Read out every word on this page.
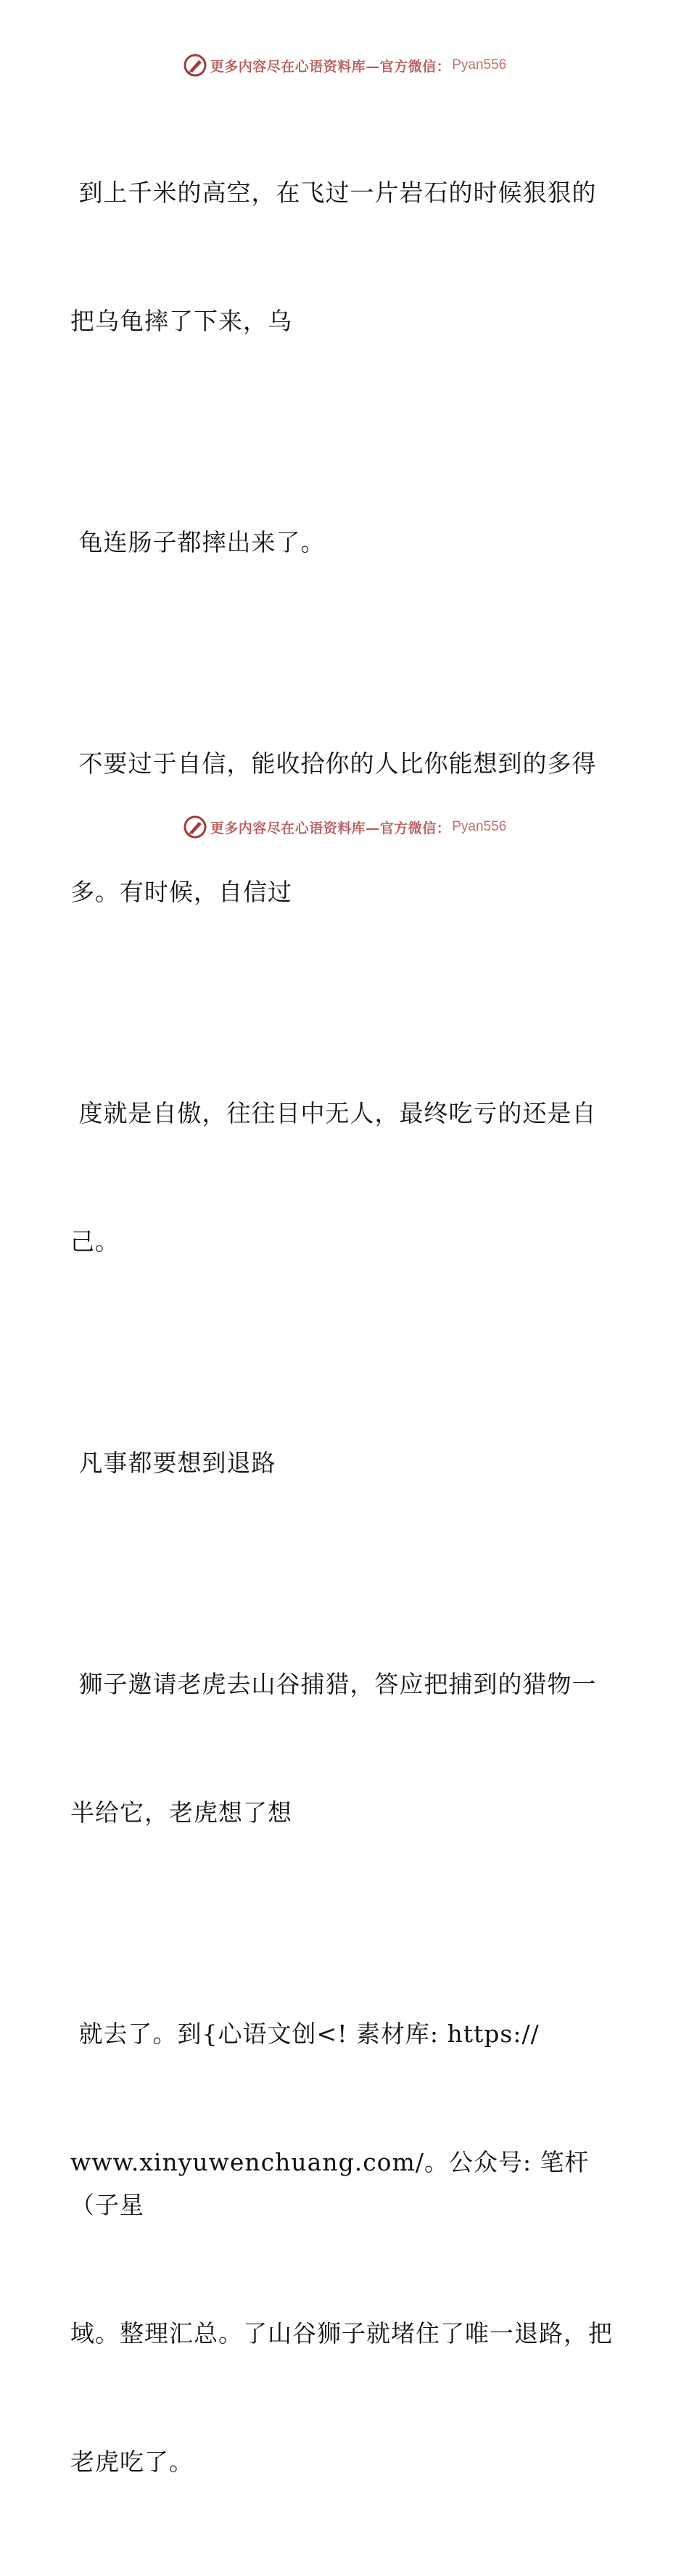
更多内容尽在心语资料库—官方微信： Pyan556

到上千米的高空，在飞过一片岩石的时候狠狠的

把乌龟摔了下来，乌

龟连肠子都摔出来了。

不要过于自信，能收拾你的人比你能想到的多得

多。有时候，自信过

度就是自傲，往往目中无人，最终吃亏的还是自

己。

凡事都要想到退路

狮子邀请老虎去山谷捕猎，答应把捕到的猎物一

半给它，老虎想了想

就去了。到{心语文创<! 素材库: https://

www.xinyuwenchuang.com/。公众号: 笔杆（子星

域。整理汇总。了山谷狮子就堵住了唯一退路，把

老虎吃了。

更多内容尽在心语资料库—官方微信： Pyan556
